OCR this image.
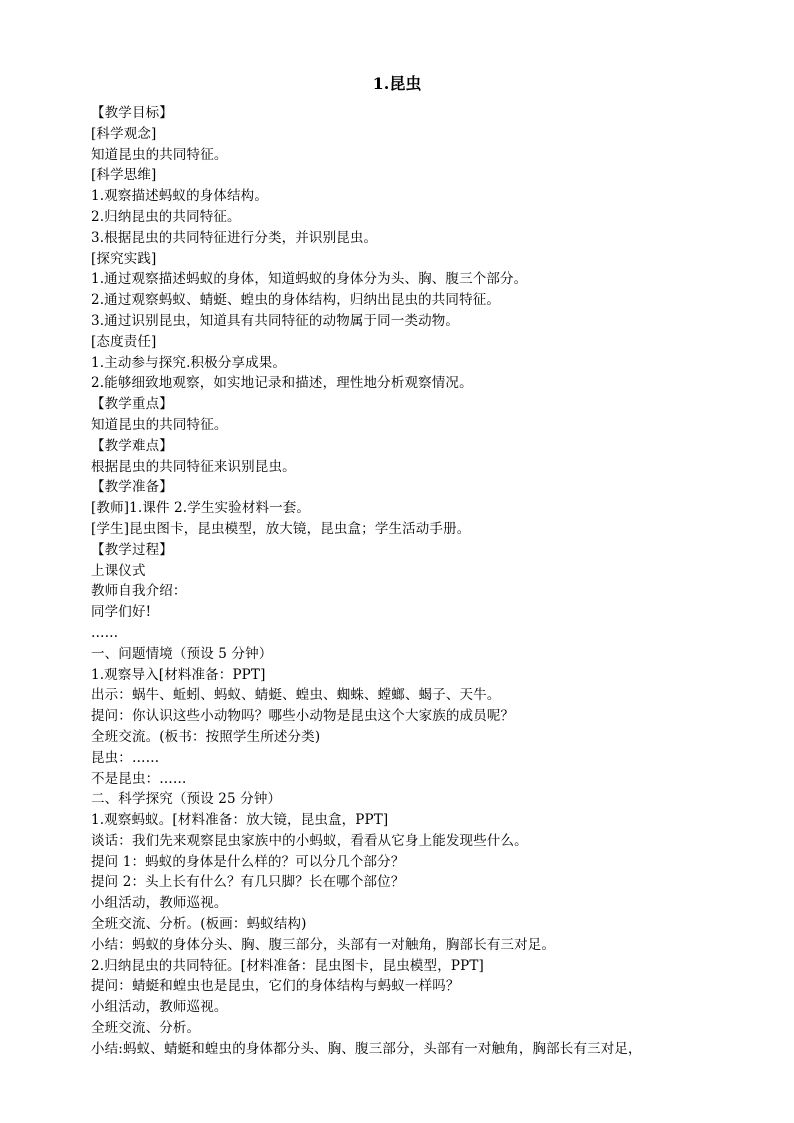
1.昆虫
【教学目标】
[科学观念]
知道昆虫的共同特征。
[科学思维]
1.观察描述蚂蚁的身体结构。
2.归纳昆虫的共同特征。
3.根据昆虫的共同特征进行分类，并识别昆虫。
[探究实践]
1.通过观察描述蚂蚁的身体，知道蚂蚁的身体分为头、胸、腹三个部分。
2.通过观察蚂蚁、蜻蜓、蝗虫的身体结构，归纳出昆虫的共同特征。
3.通过识别昆虫，知道具有共同特征的动物属于同一类动物。
[态度责任]
1.主动参与探究.积极分享成果。
2.能够细致地观察，如实地记录和描述，理性地分析观察情况。
【教学重点】
知道昆虫的共同特征。
【教学难点】
根据昆虫的共同特征来识别昆虫。
【教学准备】
[教师]1.课件 2.学生实验材料一套。
[学生]昆虫图卡，昆虫模型，放大镜，昆虫盒；学生活动手册。
【教学过程】
上课仪式
教师自我介绍：
同学们好!
……
一、问题情境（预设 5 分钟）
1.观察导入[材料准备：PPT]
出示：蜗牛、蚯蚓、蚂蚁、蜻蜓、蝗虫、蜘蛛、螳螂、蝎子、天牛。
提问：你认识这些小动物吗？哪些小动物是昆虫这个大家族的成员呢？
全班交流。(板书：按照学生所述分类)
昆虫：……
不是昆虫：……
二、科学探究（预设 25 分钟）
1.观察蚂蚁。[材料准备：放大镜，昆虫盒，PPT]
谈话：我们先来观察昆虫家族中的小蚂蚁，看看从它身上能发现些什么。
提问 1：蚂蚁的身体是什么样的？可以分几个部分？
提问 2：头上长有什么？有几只脚？长在哪个部位？
小组活动，教师巡视。
全班交流、分析。(板画：蚂蚁结构)
小结：蚂蚁的身体分头、胸、腹三部分，头部有一对触角，胸部长有三对足。
2.归纳昆虫的共同特征。[材料准备：昆虫图卡，昆虫模型，PPT]
提问：蜻蜓和蝗虫也是昆虫，它们的身体结构与蚂蚁一样吗？
小组活动，教师巡视。
全班交流、分析。
小结:蚂蚁、蜻蜓和蝗虫的身体都分头、胸、腹三部分，头部有一对触角，胸部长有三对足，
